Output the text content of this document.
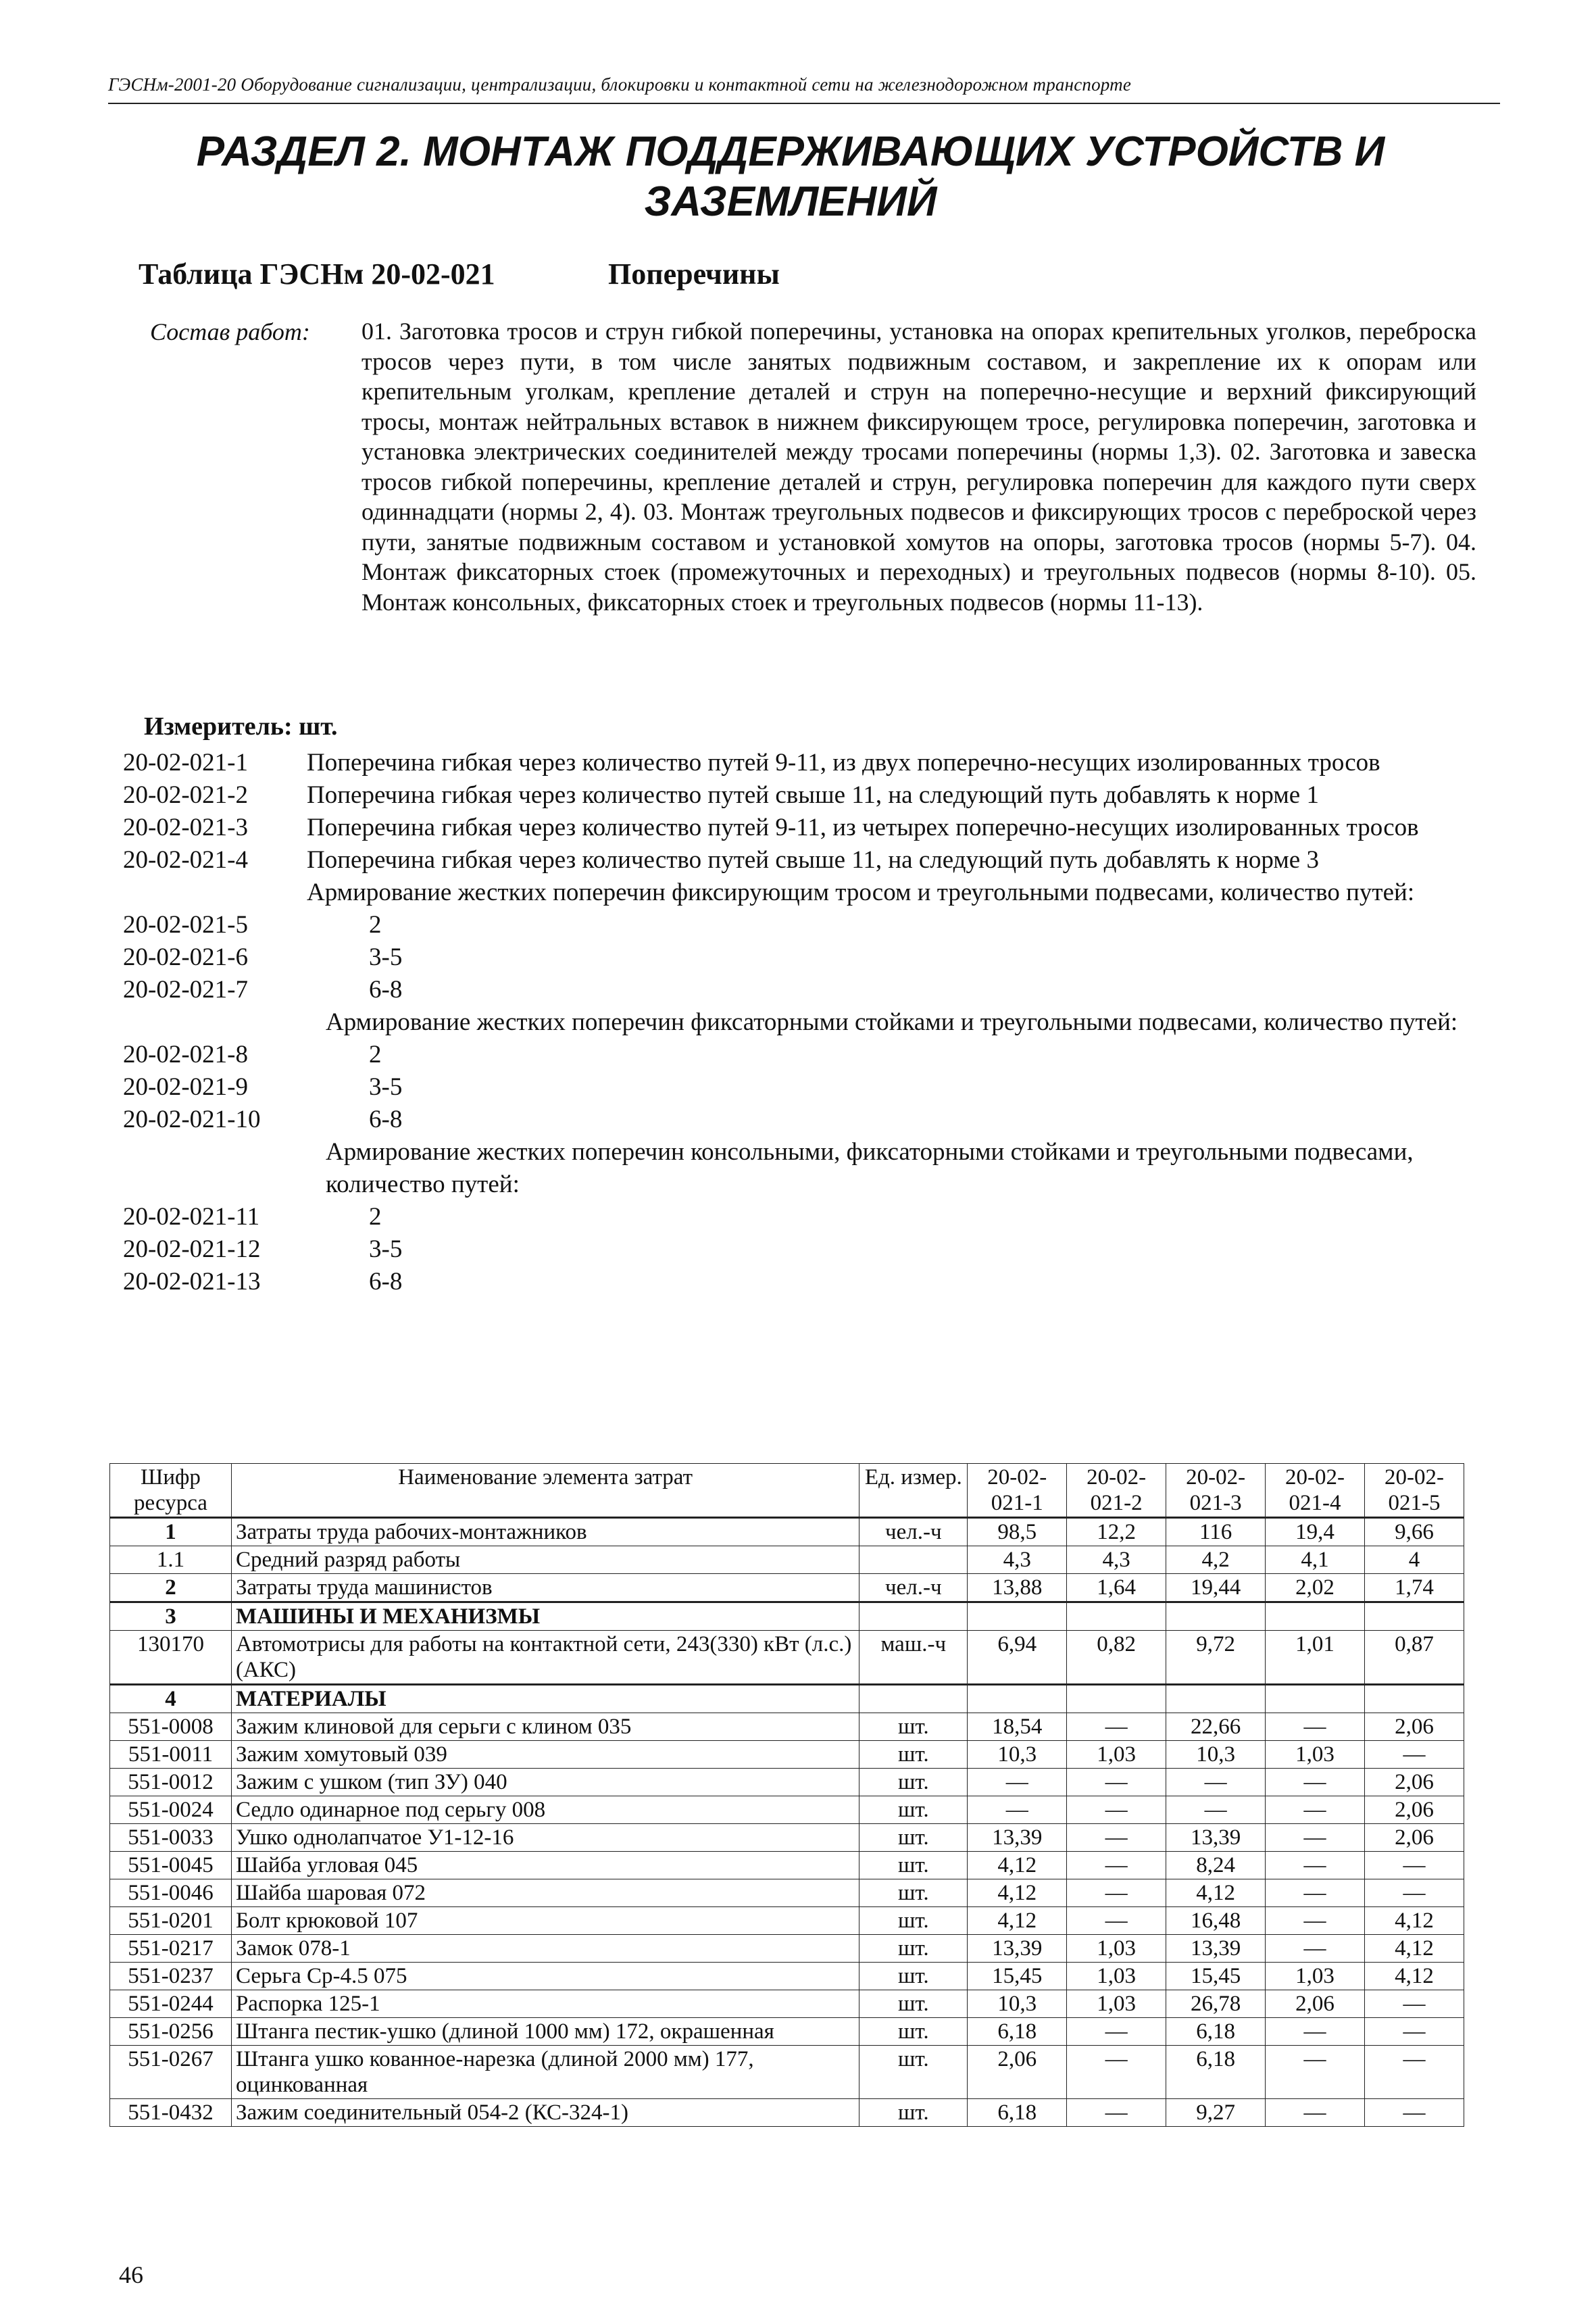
ГЭСНм-2001-20 Оборудование сигнализации, централизации, блокировки и контактной сети на железнодорожном транспорте
РАЗДЕЛ 2. МОНТАЖ ПОДДЕРЖИВАЮЩИХ УСТРОЙСТВ И
ЗАЗЕМЛЕНИЙ
Таблица ГЭСНм 20-02-021	Поперечины
Состав работ: 01. Заготовка тросов и струн гибкой поперечины, установка на опорах крепительных уголков, переброска тросов через пути, в том числе занятых подвижным составом, и закрепление их к опорам или крепительным уголкам, крепление деталей и струн на поперечно-несущие и верхний фиксирующий тросы, монтаж нейтральных вставок в нижнем фиксирующем тросе, регулировка поперечин, заготовка и установка электрических соединителей между тросами поперечины (нормы 1,3). 02. Заготовка и завеска тросов гибкой поперечины, крепление деталей и струн, регулировка поперечин для каждого пути сверх одиннадцати (нормы 2, 4). 03. Монтаж треугольных подвесов и фиксирующих тросов с переброской через пути, занятые подвижным составом и установкой хомутов на опоры, заготовка тросов (нормы 5-7). 04. Монтаж фиксаторных стоек (промежуточных и переходных) и треугольных подвесов (нормы 8-10). 05. Монтаж консольных, фиксаторных стоек и треугольных подвесов (нормы 11-13).
Измеритель: шт.
20-02-021-1	Поперечина гибкая через количество путей 9-11, из двух поперечно-несущих изолированных тросов
20-02-021-2	Поперечина гибкая через количество путей свыше 11, на следующий путь добавлять к норме 1
20-02-021-3	Поперечина гибкая через количество путей 9-11, из четырех поперечно-несущих изолированных тросов
20-02-021-4	Поперечина гибкая через количество путей свыше 11, на следующий путь добавлять к норме 3
Армирование жестких поперечин фиксирующим тросом и треугольными подвесами, количество путей:
20-02-021-5	2
20-02-021-6	3-5
20-02-021-7	6-8
Армирование жестких поперечин фиксаторными стойками и треугольными подвесами, количество путей:
20-02-021-8	2
20-02-021-9	3-5
20-02-021-10	6-8
Армирование жестких поперечин консольными, фиксаторными стойками и треугольными подвесами, количество путей:
20-02-021-11	2
20-02-021-12	3-5
20-02-021-13	6-8
Шифр ресурса	Наименование элемента затрат	Ед. измер.	20-02-021-1	20-02-021-2	20-02-021-3	20-02-021-4	20-02-021-5
1	Затраты труда рабочих-монтажников	чел.-ч	98,5	12,2	116	19,4	9,66
1.1	Средний разряд работы		4,3	4,3	4,2	4,1	4
2	Затраты труда машинистов	чел.-ч	13,88	1,64	19,44	2,02	1,74
3	МАШИНЫ И МЕХАНИЗМЫ						
130170	Автомотрисы для работы на контактной сети, 243(330) кВт (л.с.) (АКС)	маш.-ч	6,94	0,82	9,72	1,01	0,87
4	МАТЕРИАЛЫ						
551-0008	Зажим клиновой для серьги с клином 035	шт.	18,54	—	22,66	—	2,06
551-0011	Зажим хомутовый 039	шт.	10,3	1,03	10,3	1,03	—
551-0012	Зажим с ушком (тип ЗУ) 040	шт.	—	—	—	—	2,06
551-0024	Седло одинарное под серьгу 008	шт.	—	—	—	—	2,06
551-0033	Ушко однолапчатое У1-12-16	шт.	13,39	—	13,39	—	2,06
551-0045	Шайба угловая 045	шт.	4,12	—	8,24	—	—
551-0046	Шайба шаровая 072	шт.	4,12	—	4,12	—	—
551-0201	Болт крюковой 107	шт.	4,12	—	16,48	—	4,12
551-0217	Замок 078-1	шт.	13,39	1,03	13,39	—	4,12
551-0237	Серьга Ср-4.5 075	шт.	15,45	1,03	15,45	1,03	4,12
551-0244	Распорка 125-1	шт.	10,3	1,03	26,78	2,06	—
551-0256	Штанга пестик-ушко (длиной 1000 мм) 172, окрашенная	шт.	6,18	—	6,18	—	—
551-0267	Штанга ушко кованное-нарезка (длиной 2000 мм) 177, оцинкованная	шт.	2,06	—	6,18	—	—
551-0432	Зажим соединительный 054-2 (КС-324-1)	шт.	6,18	—	9,27	—	—
46
